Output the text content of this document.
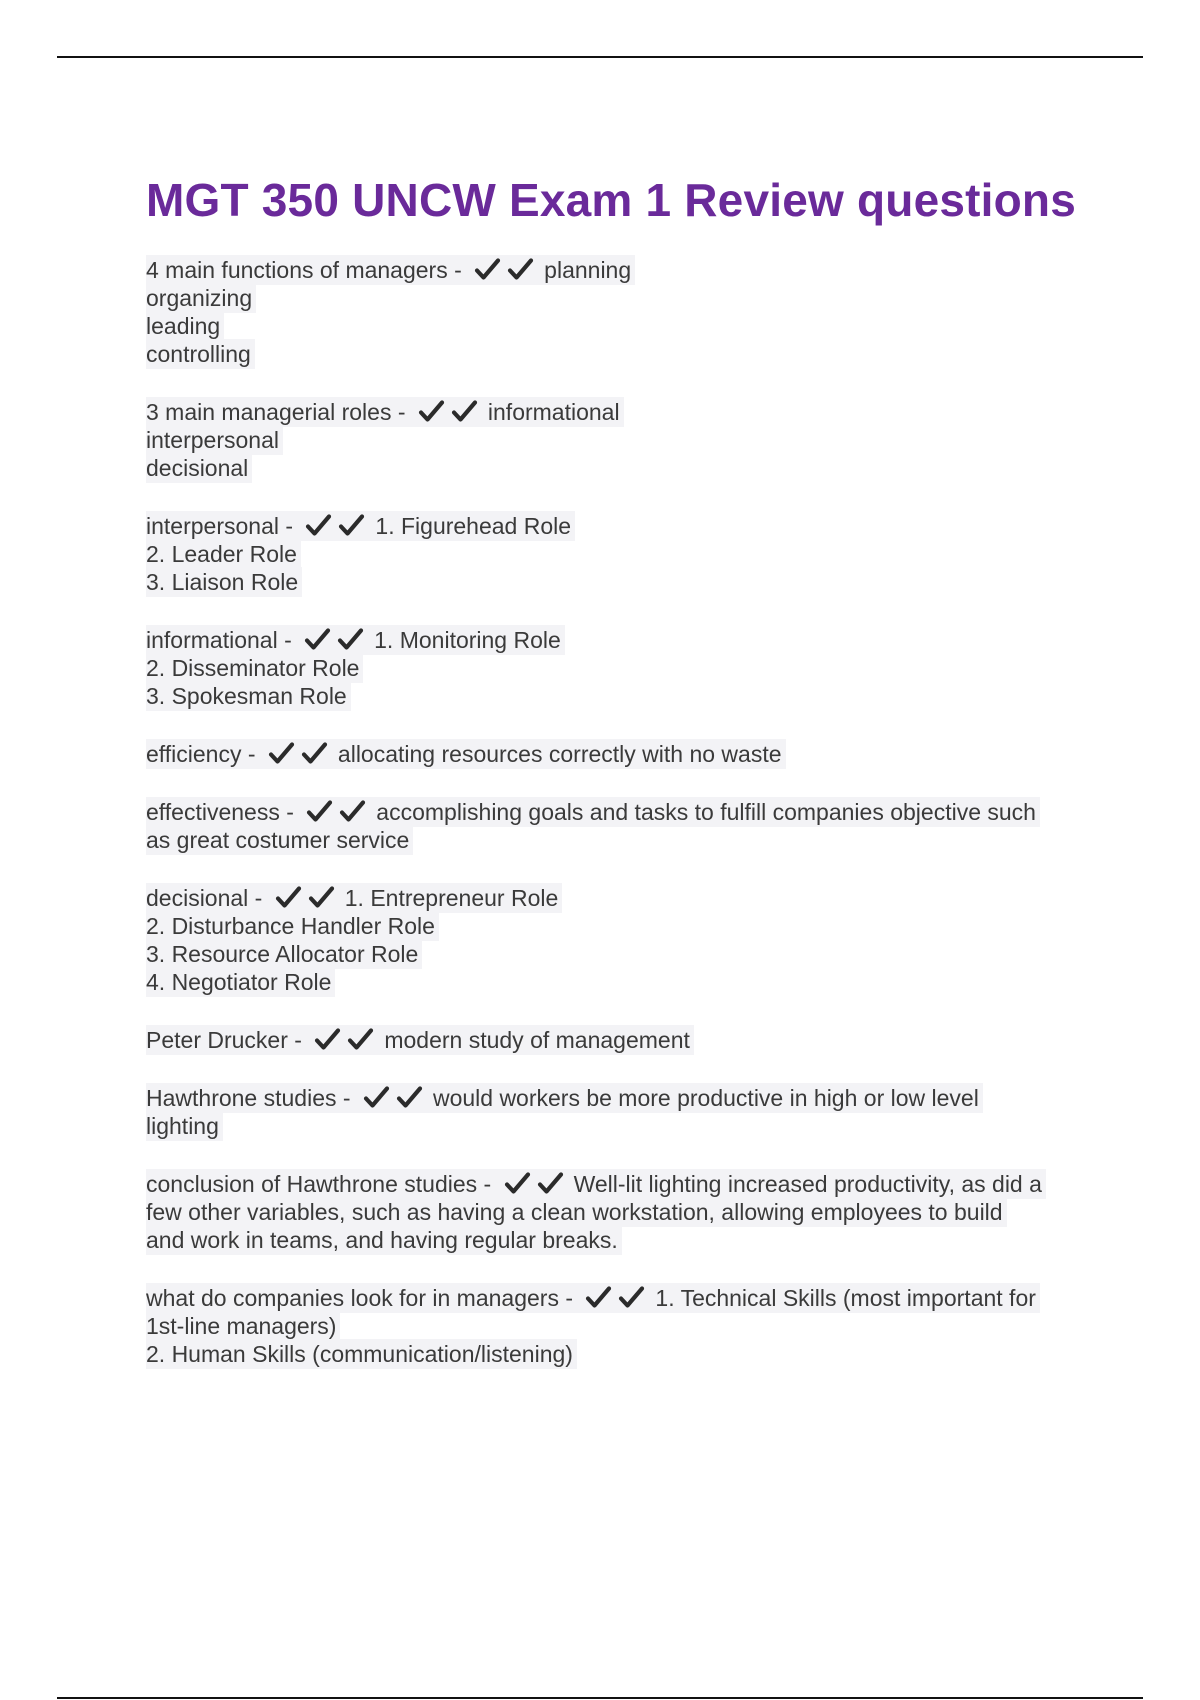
MGT 350 UNCW Exam 1 Review questions
4 main functions of managers -	planning
organizing
leading
controlling
3 main managerial roles -	informational
interpersonal
decisional
interpersonal -	1. Figurehead Role
2. Leader Role
3. Liaison Role
informational -	1. Monitoring Role
2. Disseminator Role
3. Spokesman Role
efficiency -	allocating resources correctly with no waste
effectiveness -	accomplishing goals and tasks to fulfill companies objective such
as great costumer service
decisional -	1. Entrepreneur Role
2. Disturbance Handler Role
3. Resource Allocator Role
4. Negotiator Role
Peter Drucker -	modern study of management
Hawthrone studies -	would workers be more productive in high or low level
lighting
conclusion of Hawthrone studies -	Well-lit lighting increased productivity, as did a
few other variables, such as having a clean workstation, allowing employees to build
and work in teams, and having regular breaks.
what do companies look for in managers -	1. Technical Skills (most important for
1st-line managers)
2. Human Skills (communication/listening)
